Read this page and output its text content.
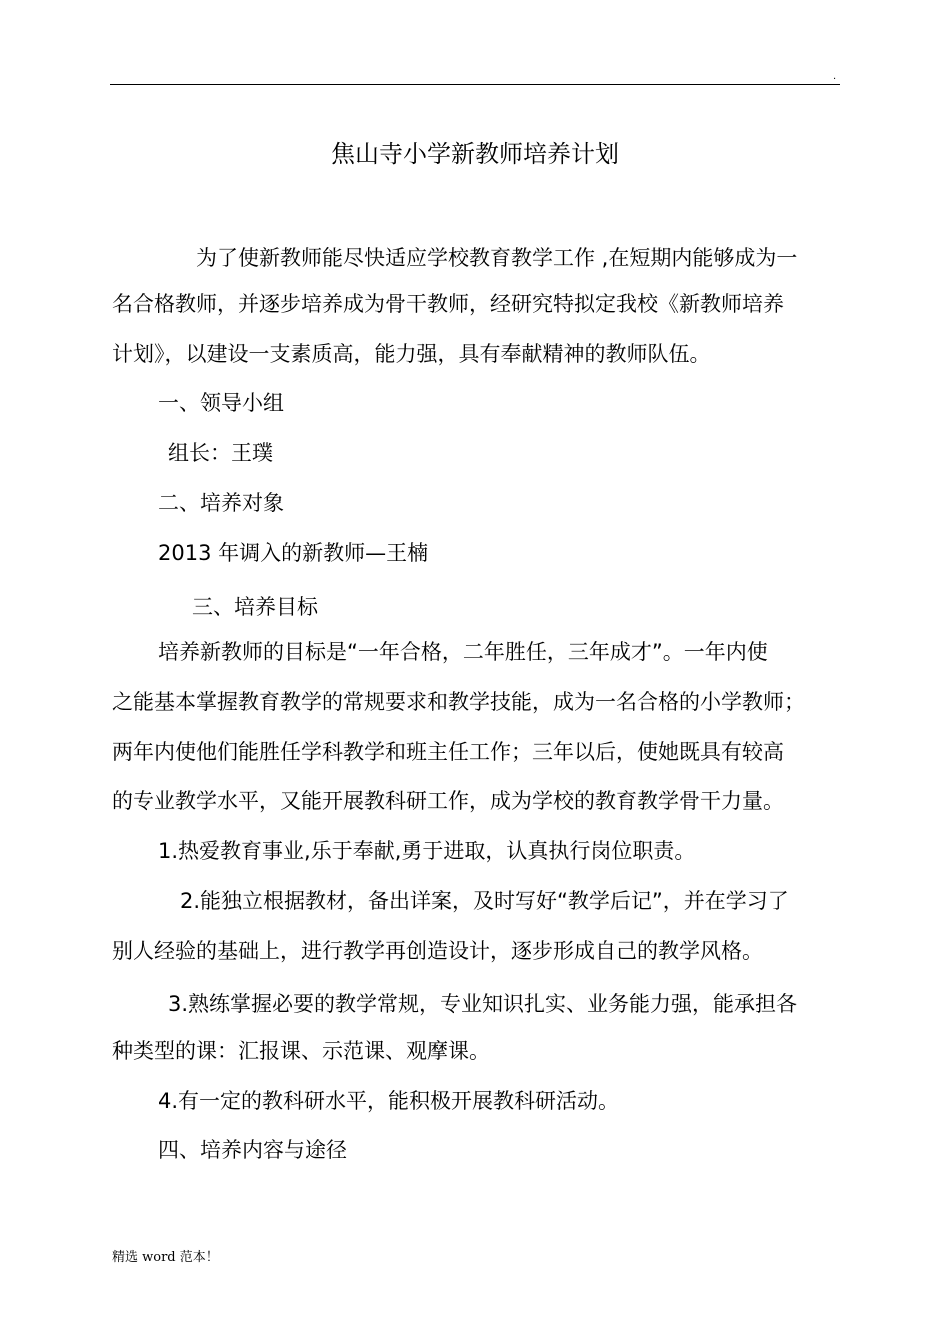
.
焦山寺小学新教师培养计划
为了使新教师能尽快适应学校教育教学工作 ,在短期内能够成为一
名合格教师，并逐步培养成为骨干教师，经研究特拟定我校《新教师培养
计划》，以建设一支素质高，能力强，具有奉献精神的教师队伍。
一、领导小组
组长：王璞
二、培养对象
2013 年调入的新教师—王楠
三、培养目标
培养新教师的目标是“一年合格，二年胜任，三年成才”。一年内使
之能基本掌握教育教学的常规要求和教学技能，成为一名合格的小学教师；
两年内使他们能胜任学科教学和班主任工作；三年以后，使她既具有较高
的专业教学水平，又能开展教科研工作，成为学校的教育教学骨干力量。
1.热爱教育事业,乐于奉献,勇于进取，认真执行岗位职责。
2.能独立根据教材，备出详案，及时写好“教学后记”，并在学习了
别人经验的基础上，进行教学再创造设计，逐步形成自己的教学风格。
3.熟练掌握必要的教学常规，专业知识扎实、业务能力强，能承担各
种类型的课：汇报课、示范课、观摩课。
4.有一定的教科研水平，能积极开展教科研活动。
四、培养内容与途径
精选 word 范本！
